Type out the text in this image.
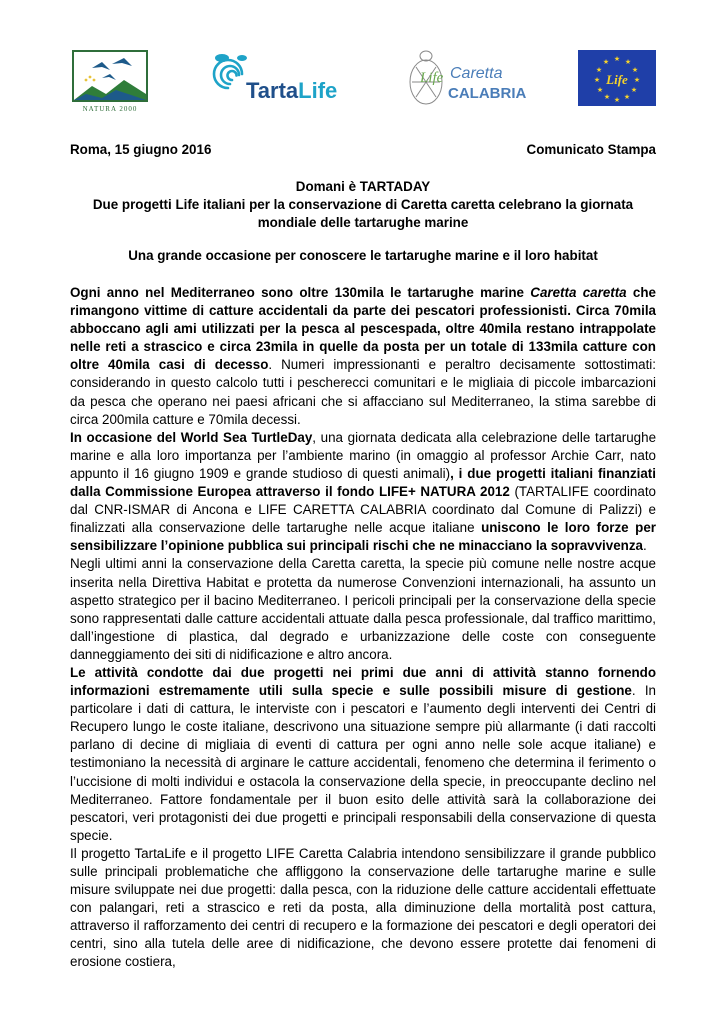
NATURA 2000
TartaLife	Life Caretta
CALABRIA
★ ★
★
★
★
★
★
★
★
★
★
★
Life
Roma, 15 giugno 2016	Comunicato Stampa
Domani è TARTADAY
Due progetti Life italiani per la conservazione di Caretta caretta celebrano la giornata mondiale delle tartarughe marine
Una grande occasione per conoscere le tartarughe marine e il loro habitat

Ogni anno nel Mediterraneo sono oltre 130mila le tartarughe marine Caretta caretta che rimangono vittime di catture accidentali da parte dei pescatori professionisti. Circa 70mila abboccano agli ami utilizzati per la pesca al pescespada, oltre 40mila restano intrappolate nelle reti a strascico e circa 23mila in quelle da posta per un totale di 133mila catture con oltre 40mila casi di decesso. Numeri impressionanti e peraltro decisamente sottostimati: considerando in questo calcolo tutti i pescherecci comunitari e le migliaia di piccole imbarcazioni da pesca che operano nei paesi africani che si affacciano sul Mediterraneo, la stima sarebbe di circa 200mila catture e 70mila decessi.

In occasione del World Sea TurtleDay, una giornata dedicata alla celebrazione delle tartarughe marine e alla loro importanza per l’ambiente marino (in omaggio al professor Archie Carr, nato appunto il 16 giugno 1909 e grande studioso di questi animali), i due progetti italiani finanziati dalla Commissione Europea attraverso il fondo LIFE+ NATURA 2012 (TARTALIFE coordinato dal CNR-ISMAR di Ancona e LIFE CARETTA CALABRIA coordinato dal Comune di Palizzi) e finalizzati alla conservazione delle tartarughe nelle acque italiane uniscono le loro forze per sensibilizzare l’opinione pubblica sui principali rischi che ne minacciano la sopravvivenza.

Negli ultimi anni la conservazione della Caretta caretta, la specie più comune nelle nostre acque inserita nella Direttiva Habitat e protetta da numerose Convenzioni internazionali, ha assunto un aspetto strategico per il bacino Mediterraneo. I pericoli principali per la conservazione della specie sono rappresentati dalle catture accidentali attuate dalla pesca professionale, dal traffico marittimo, dall’ingestione di plastica, dal degrado e urbanizzazione delle coste con conseguente danneggiamento dei siti di nidificazione e altro ancora.

Le attività condotte dai due progetti nei primi due anni di attività stanno fornendo informazioni estremamente utili sulla specie e sulle possibili misure di gestione. In particolare i dati di cattura, le interviste con i pescatori e l’aumento degli interventi dei Centri di Recupero lungo le coste italiane, descrivono una situazione sempre più allarmante (i dati raccolti parlano di decine di migliaia di eventi di cattura per ogni anno nelle sole acque italiane) e testimoniano la necessità di arginare le catture accidentali, fenomeno che determina il ferimento o l’uccisione di molti individui e ostacola la conservazione della specie, in preoccupante declino nel Mediterraneo. Fattore fondamentale per il buon esito delle attività sarà la collaborazione dei pescatori, veri protagonisti dei due progetti e principali responsabili della conservazione di questa specie.

Il progetto TartaLife e il progetto LIFE Caretta Calabria intendono sensibilizzare il grande pubblico sulle principali problematiche che affliggono la conservazione delle tartarughe marine e sulle misure sviluppate nei due progetti: dalla pesca, con la riduzione delle catture accidentali effettuate con palangari, reti a strascico e reti da posta, alla diminuzione della mortalità post cattura, attraverso il rafforzamento dei centri di recupero e la formazione dei pescatori e degli operatori dei centri, sino alla tutela delle aree di nidificazione, che devono essere protette dai fenomeni di erosione costiera,
